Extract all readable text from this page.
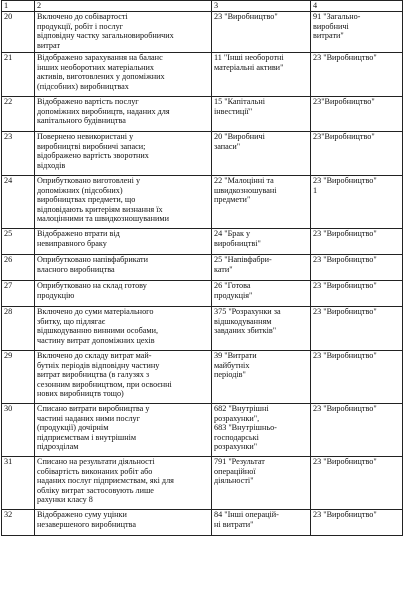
1	2	3	4

20	Включено до собівартості
продукції, робіт і послуг
відповідну частку загальновиробничих
витрат	23 "Виробництво"	91 "Загально-
виробничі
витрати"

21	Відображено зарахування на баланс
інших необоротних матеріальних
активів, виготовлених у допоміжних
(підсобних) виробництвах	11 "Інші необоротні
матеріальні активи"	23 "Виробництво"

22	Відображено вартість послуг
допоміжних виробництв, наданих для
капітального будівництва	15 "Капітальні
інвестиції"	23"Виробництво"

23	Повернено невикористані у
виробництві виробничі запаси;
відображено вартість зворотних
відходів	20 "Виробничі
запаси"	23"Виробництво"

24	Оприбутковано виготовлені у
допоміжних (підсобних)
виробництвах предмети, що
відповідають критеріям визнання їх
малоцінними та швидкозношуваними	22 "Малоцінні та
швидкозношувані
предмети"	23 "Виробництво"
1

25	Відображено втрати від
невиправного браку	24 "Брак у
виробництві"	23 "Виробництво"

26	Оприбутковано напівфабрикати
власного виробництва	25 "Напівфабри-
кати"	23 "Виробництво"

27	Оприбутковано на склад готову
продукцію	26 "Готова
продукція"	23 "Виробництво"

28	Включено до суми матеріального
збитку, що підлягає
відшкодуванню винними особами,
частину витрат допоміжних цехів	375 "Розрахунки за
відшкодуванням
завданих збитків"	23 "Виробництво"

29	Включено до складу витрат май-
бутніх періодів відповідну частину
витрат виробництва (в галузях з
сезонним виробництвом, при освоєнні
нових виробництв тощо)	39 "Витрати
майбутніх
періодів"	23 "Виробництво"

30	Списано витрати виробництва у
частині наданих ними послуг
(продукції) дочірнім
підприємствам і внутрішнім
підрозділам	682 "Внутрішні
розрахунки",
683 "Внутрішньо-
господарські
розрахунки"	23 "Виробництво"

31	Списано на результати діяльності
собівартість виконаних робіт або
наданих послуг підприємствам, які для
обліку витрат застосовують лише
рахунки класу 8	791 "Результат
операційної
діяльності"	23 "Виробництво"

32	Відображено суму уцінки
незавершеного виробництва	84 "Інші операцій-
ні витрати"	23 "Виробництво"
